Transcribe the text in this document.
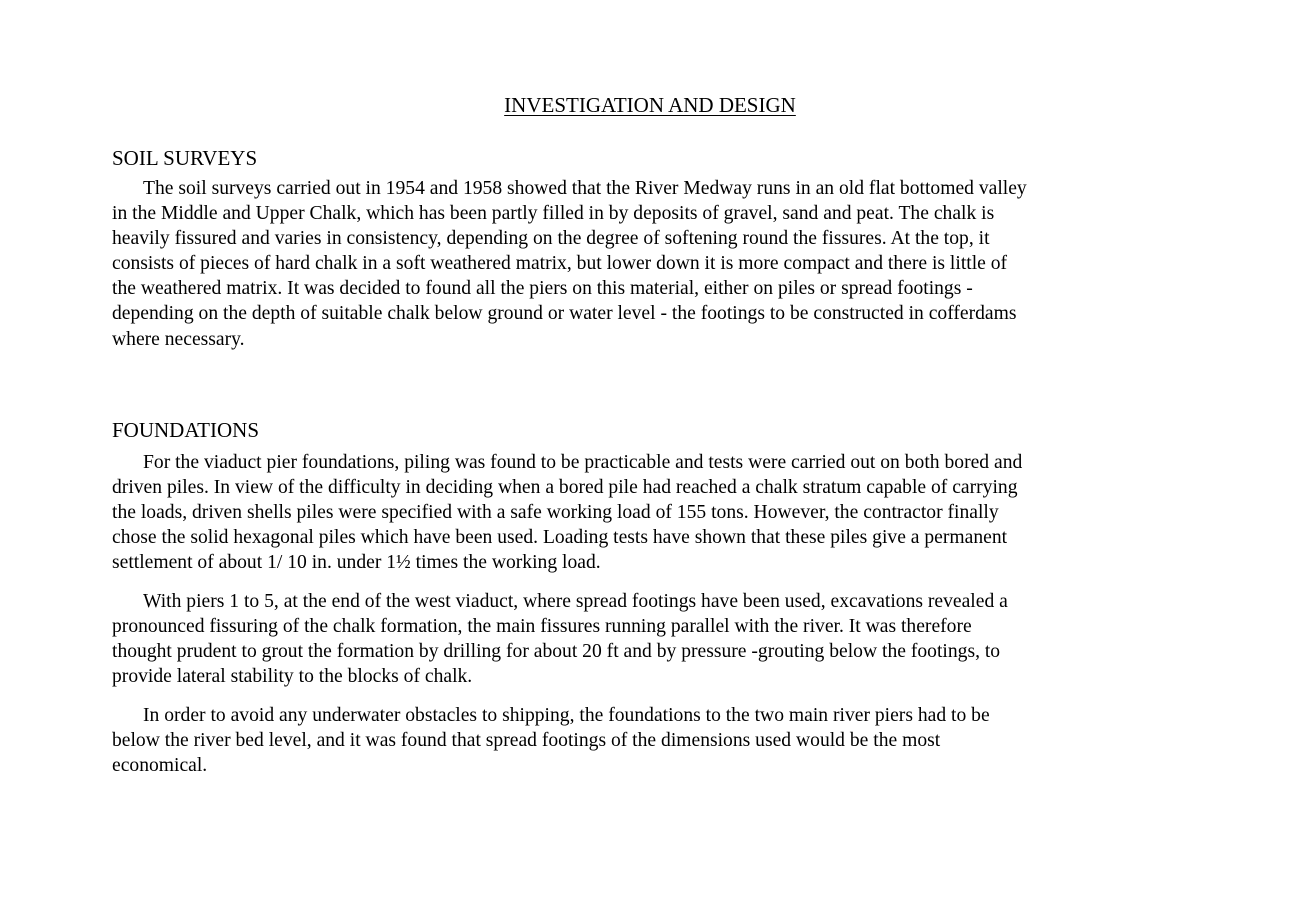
INVESTIGATION AND DESIGN
SOIL SURVEYS
The soil surveys carried out in 1954 and 1958 showed that the River Medway runs in an old flat bottomed valley
in the Middle and Upper Chalk, which has been partly filled in by deposits of gravel, sand and peat. The chalk is
heavily fissured and varies in consistency, depending on the degree of softening round the fissures. At the top, it
consists of pieces of hard chalk in a soft weathered matrix, but lower down it is more compact and there is little of
the weathered matrix. It was decided to found all the piers on this material, either on piles or spread footings -
depending on the depth of suitable chalk below ground or water level - the footings to be constructed in cofferdams
where necessary.
FOUNDATIONS
For the viaduct pier foundations, piling was found to be practicable and tests were carried out on both bored and
driven piles. In view of the difficulty in deciding when a bored pile had reached a chalk stratum capable of carrying
the loads, driven shells piles were specified with a safe working load of 155 tons. However, the contractor finally
chose the solid hexagonal piles which have been used. Loading tests have shown that these piles give a permanent
settlement of about 1/ 10 in. under 1½ times the working load.
With piers 1 to 5, at the end of the west viaduct, where spread footings have been used, excavations revealed a
pronounced fissuring of the chalk formation, the main fissures running parallel with the river. It was therefore
thought prudent to grout the formation by drilling for about 20 ft and by pressure -grouting below the footings, to
provide lateral stability to the blocks of chalk.
In order to avoid any underwater obstacles to shipping, the foundations to the two main river piers had to be
below the river bed level, and it was found that spread footings of the dimensions used would be the most
economical.
